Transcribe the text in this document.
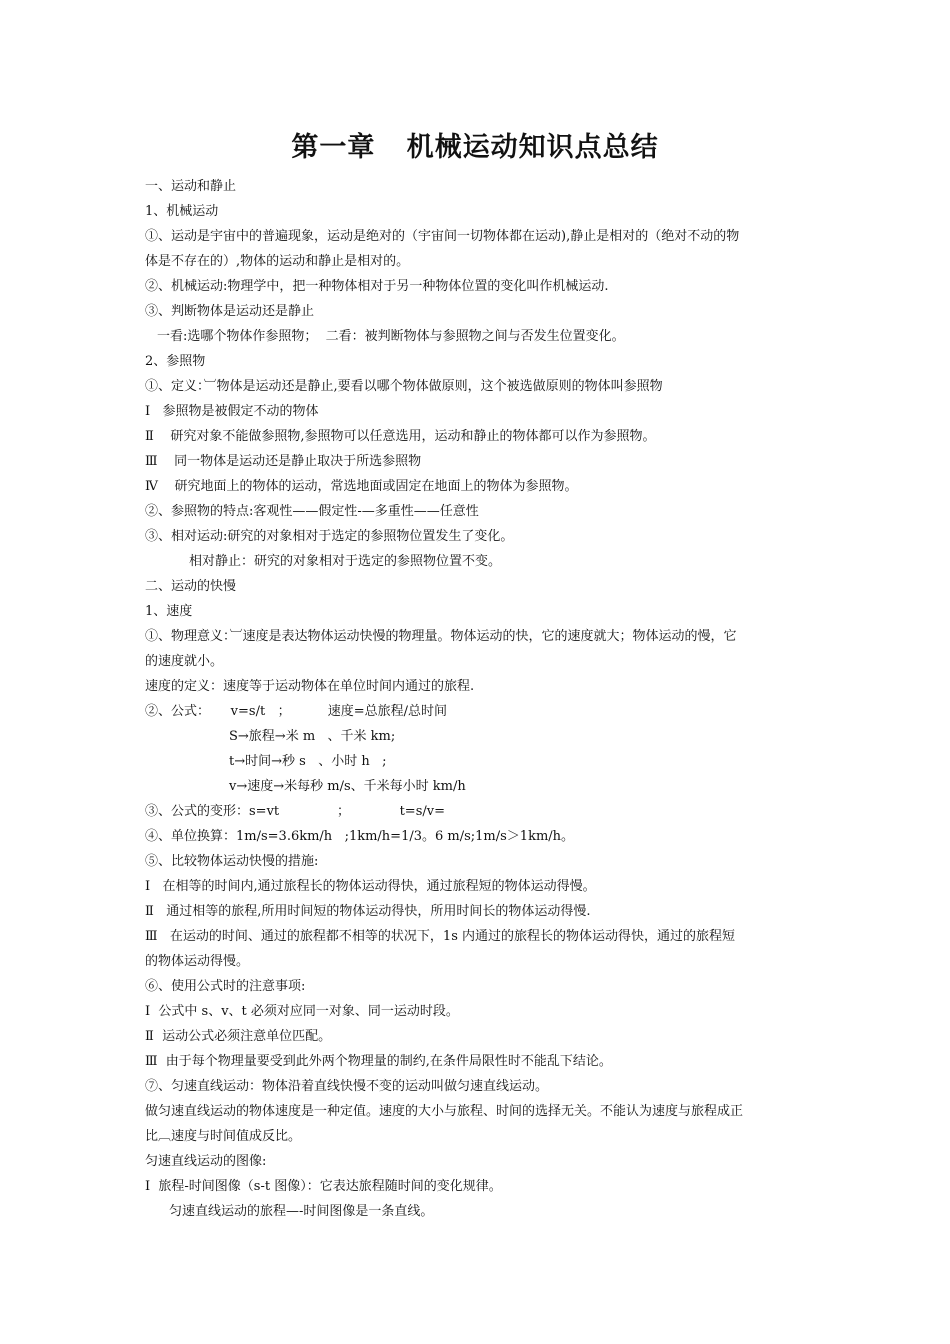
第一章   机械运动知识点总结
一、运动和静止
1、机械运动
①、运动是宇宙中的普遍现象，运动是绝对的（宇宙间一切物体都在运动),静止是相对的（绝对不动的物
体是不存在的）,物体的运动和静止是相对的。
②、机械运动:物理学中，把一种物体相对于另一种物体位置的变化叫作机械运动.
③、判断物体是运动还是静止
一看:选哪个物体作参照物；  二看：被判断物体与参照物之间与否发生位置变化。
2、参照物
①、定义：︺物体是运动还是静止,要看以哪个物体做原则，这个被选做原则的物体叫参照物
Ⅰ   参照物是被假定不动的物体
Ⅱ    研究对象不能做参照物,参照物可以任意选用，运动和静止的物体都可以作为参照物。
Ⅲ    同一物体是运动还是静止取决于所选参照物
Ⅳ    研究地面上的物体的运动，常选地面或固定在地面上的物体为参照物。
②、参照物的特点:客观性——假定性-—多重性——任意性
③、相对运动:研究的对象相对于选定的参照物位置发生了变化。
相对静止：研究的对象相对于选定的参照物位置不变。
二、运动的快慢
1、速度
①、物理意义：︺速度是表达物体运动快慢的物理量。物体运动的快，它的速度就大；物体运动的慢，它
的速度就小。
速度的定义：速度等于运动物体在单位时间内通过的旅程.
②、公式：     v=s/t   ；         速度=总旅程/总时间
S→旅程→米 m   、千米 km;
t→时间→秒 s   、小时 h   ;
v→速度→米每秒 m/s、千米每小时 km/h
③、公式的变形：s=vt              ；            t=s/v=
④、单位换算：1m/s=3.6km/h   ;1km/h=1/3。6 m/s;1m/s＞1km/h。
⑤、比较物体运动快慢的措施:
Ⅰ   在相等的时间内,通过旅程长的物体运动得快，通过旅程短的物体运动得慢。
Ⅱ   通过相等的旅程,所用时间短的物体运动得快，所用时间长的物体运动得慢.
Ⅲ   在运动的时间、通过的旅程都不相等的状况下，1s 内通过的旅程长的物体运动得快，通过的旅程短
的物体运动得慢。
⑥、使用公式时的注意事项:
Ⅰ  公式中 s、v、t 必须对应同一对象、同一运动时段。
Ⅱ  运动公式必须注意单位匹配。
Ⅲ  由于每个物理量要受到此外两个物理量的制约,在条件局限性时不能乱下结论。
⑦、匀速直线运动：物体沿着直线快慢不变的运动叫做匀速直线运动。
做匀速直线运动的物体速度是一种定值。速度的大小与旅程、时间的选择无关。不能认为速度与旅程成正
比︹速度与时间值成反比。
匀速直线运动的图像:
Ⅰ  旅程-时间图像（s-t 图像）：它表达旅程随时间的变化规律。
匀速直线运动的旅程—-时间图像是一条直线。
